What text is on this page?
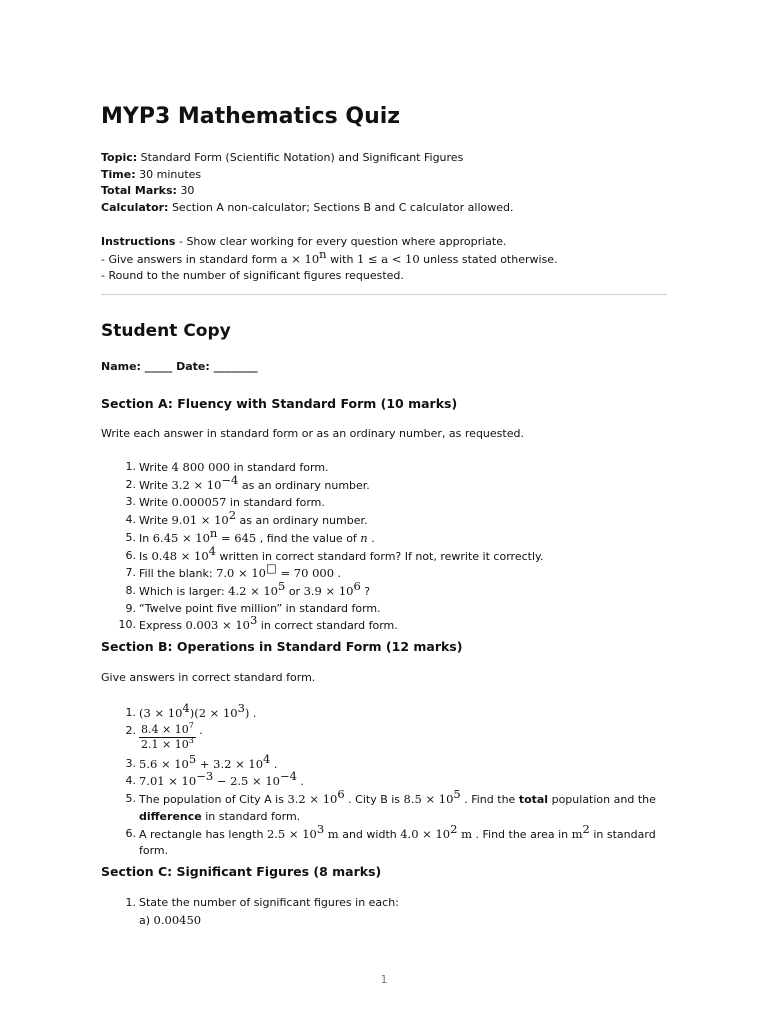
MYP3 Mathematics Quiz
Topic: Standard Form (Scientific Notation) and Significant Figures
Time: 30 minutes
Total Marks: 30
Calculator: Section A non-calculator; Sections B and C calculator allowed.
Instructions - Show clear working for every question where appropriate.
- Give answers in standard form $a \times 10^n$ with 1 ≤ a < 10 unless stated otherwise.
- Round to the number of significant figures requested.
Student Copy
Name: _____ Date: ________
Section A: Fluency with Standard Form (10 marks)
Write each answer in standard form or as an ordinary number, as requested.
1. Write 4 800 000 in standard form.
2. Write $3.2 \times 10^{-4}$ as an ordinary number.
3. Write 0.000057 in standard form.
4. Write $9.01 \times 10^2$ as an ordinary number.
5. In $6.45 \times 10^n = 645$ , find the value of n .
6. Is $0.48 \times 10^4$ written in correct standard form? If not, rewrite it correctly.
7. Fill the blank: 7.0 × 10□ = 70 000 .
8. Which is larger: $4.2 \times 10^5$ or $3.9 \times 10^6$ ?
9. “Twelve point five million” in standard form.
10. Express $0.003 \times 10^3$ in correct standard form.
Section B: Operations in Standard Form (12 marks)
Give answers in correct standard form.
1. $(3 \times 10^4)(2 \times 10^3)$ .
2. $\frac{8.4 \times 10^7}{2.1 \times 10^3}$ .
3. $5.6 \times 10^5 + 3.2 \times 10^4$ .
4. $7.01 \times 10^{-3} - 2.5 \times 10^{-4}$ .
5. The population of City A is $3.2 \times 10^6$ . City B is $8.5 \times 10^5$ . Find the total population and the
difference in standard form.
6. A rectangle has length $2.5 \times 10^3$ m and width $4.0 \times 10^2$ m . Find the area in $m^2$ in standard
form.
Section C: Significant Figures (8 marks)
1. State the number of significant figures in each:
a) 0.00450
1
